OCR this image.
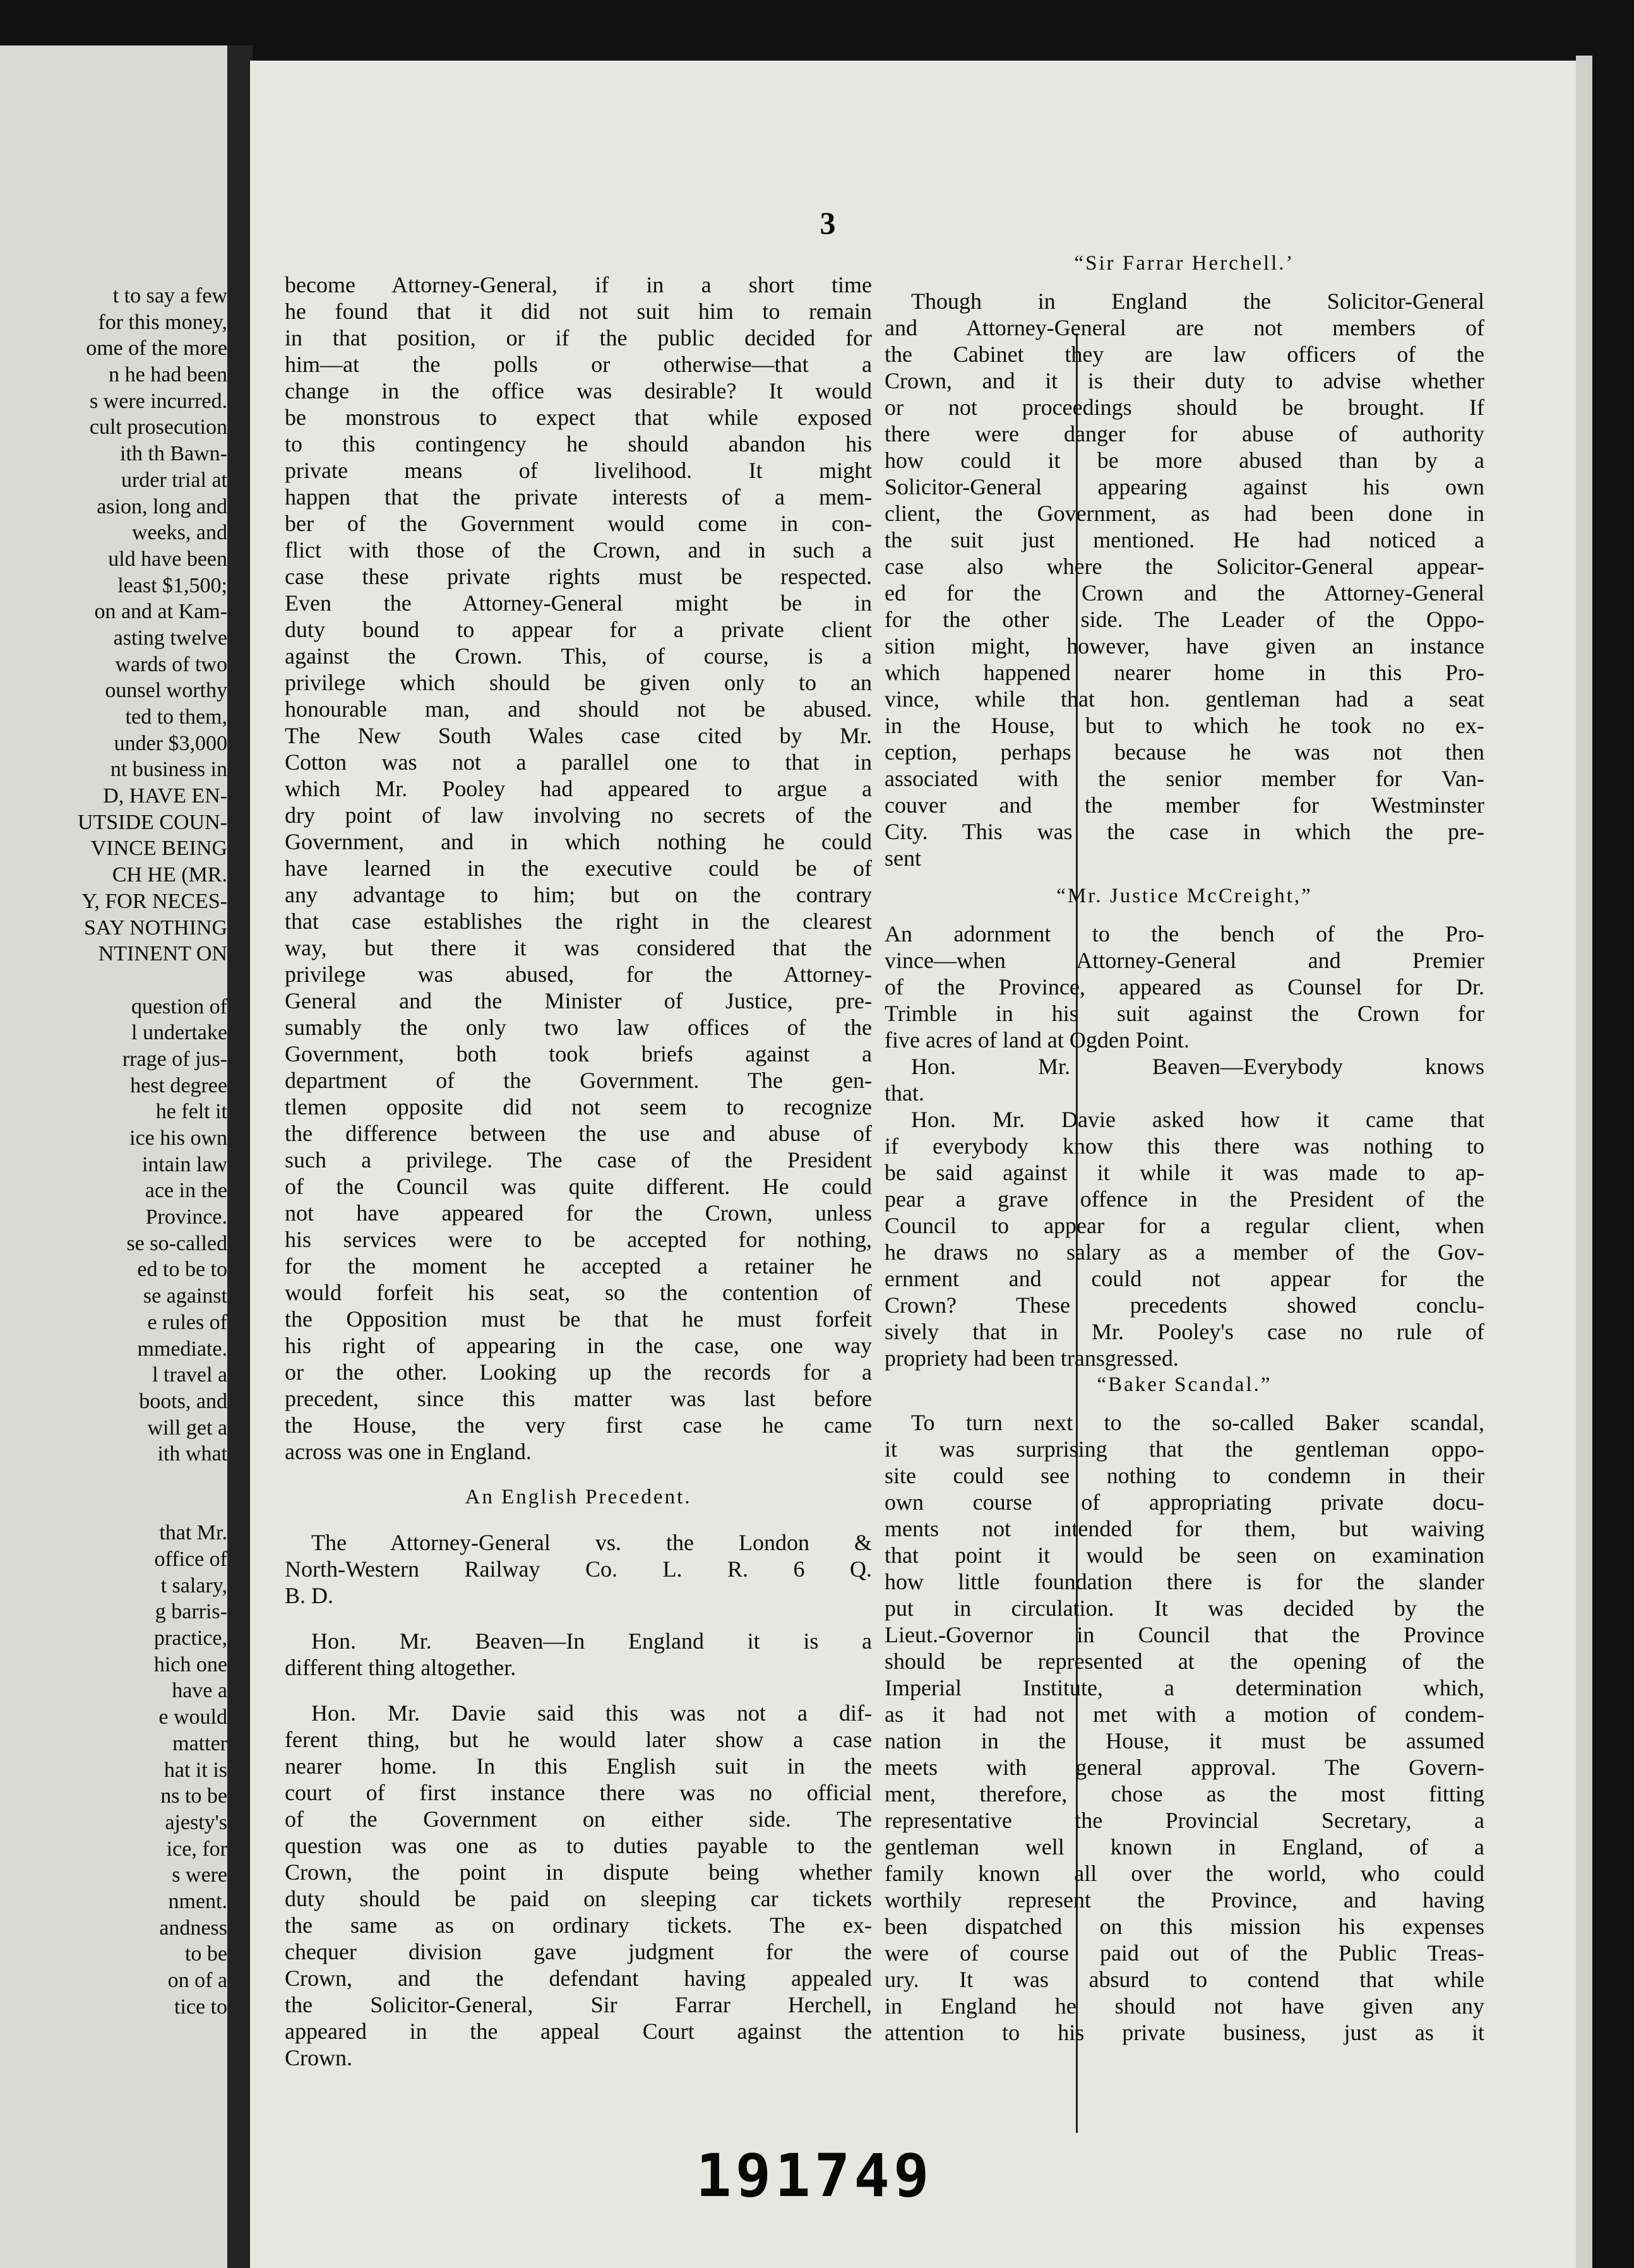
t to say a few
for this money,
ome of the more
n he had been
s were incurred.
cult prosecution
ith th Bawn-
urder trial at
asion, long and
weeks, and
uld have been
least $1,500;
on and at Kam-
asting twelve
wards of two
ounsel worthy
ted to them,
under $3,000
nt business in
D, HAVE EN-
UTSIDE COUN-
VINCE BEING
CH HE (MR.
Y, FOR NECES-
SAY NOTHING
NTINENT ON
question of
l undertake
rrage of jus-
hest degree
he felt it
ice his own
intain law
ace in the
Province.
se so-called
ed to be to
se against
e rules of
mmediate.
l travel a
boots, and
will get a
ith what
that Mr.
office of
t salary,
g barris-
practice,
hich one
have a
e would
matter
hat it is
ns to be
ajesty's
ice, for
s were
nment.
andness
to be
on of a
tice to
3
become Attorney-General, if in a short time
he found that it did not suit him to remain
in that position, or if the public decided for
him—at the polls or otherwise—that a
change in the office was desirable? It would
be monstrous to expect that while exposed
to this contingency he should abandon his
private means of livelihood. It might
happen that the private interests of a mem-
ber of the Government would come in con-
flict with those of the Crown, and in such a
case these private rights must be respected.
Even the Attorney-General might be in
duty bound to appear for a private client
against the Crown. This, of course, is a
privilege which should be given only to an
honourable man, and should not be abused.
The New South Wales case cited by Mr.
Cotton was not a parallel one to that in
which Mr. Pooley had appeared to argue a
dry point of law involving no secrets of the
Government, and in which nothing he could
have learned in the executive could be of
any advantage to him; but on the contrary
that case establishes the right in the clearest
way, but there it was considered that the
privilege was abused, for the Attorney-
General and the Minister of Justice, pre-
sumably the only two law offices of the
Government, both took briefs against a
department of the Government. The gen-
tlemen opposite did not seem to recognize
the difference between the use and abuse of
such a privilege. The case of the President
of the Council was quite different. He could
not have appeared for the Crown, unless
his services were to be accepted for nothing,
for the moment he accepted a retainer he
would forfeit his seat, so the contention of
the Opposition must be that he must forfeit
his right of appearing in the case, one way
or the other. Looking up the records for a
precedent, since this matter was last before
the House, the very first case he came
across was one in England.
An English Precedent.
The Attorney-General vs. the London &
North-Western Railway Co. L. R. 6 Q.
B. D.
Hon. Mr. Beaven—In England it is a
different thing altogether.
Hon. Mr. Davie said this was not a dif-
ferent thing, but he would later show a case
nearer home. In this English suit in the
court of first instance there was no official
of the Government on either side. The
question was one as to duties payable to the
Crown, the point in dispute being whether
duty should be paid on sleeping car tickets
the same as on ordinary tickets. The ex-
chequer division gave judgment for the
Crown, and the defendant having appealed
the Solicitor-General, Sir Farrar Herchell,
appeared in the appeal Court against the
Crown.
“Sir Farrar Herchell.’
Though in England the Solicitor-General
and Attorney-General are not members of
the Cabinet they are law officers of the
Crown, and it is their duty to advise whether
or not proceedings should be brought. If
there were danger for abuse of authority
how could it be more abused than by a
Solicitor-General appearing against his own
client, the Government, as had been done in
the suit just mentioned. He had noticed a
case also where the Solicitor-General appear-
ed for the Crown and the Attorney-General
for the other side. The Leader of the Oppo-
sition might, however, have given an instance
which happened nearer home in this Pro-
vince, while that hon. gentleman had a seat
in the House, but to which he took no ex-
ception, perhaps because he was not then
associated with the senior member for Van-
couver and the member for Westminster
City. This was the case in which the pre-
sent
“Mr. Justice McCreight,”
An adornment to the bench of the Pro-
vince—when Attorney-General and Premier
of the Province, appeared as Counsel for Dr.
Trimble in his suit against the Crown for
five acres of land at Ogden Point.
Hon. Mr. Beaven—Everybody knows
that.
Hon. Mr. Davie asked how it came that
if everybody know this there was nothing to
be said against it while it was made to ap-
pear a grave offence in the President of the
Council to appear for a regular client, when
he draws no salary as a member of the Gov-
ernment and could not appear for the
Crown? These precedents showed conclu-
sively that in Mr. Pooley's case no rule of
propriety had been transgressed.
“Baker Scandal.”
To turn next to the so-called Baker scandal,
it was surprising that the gentleman oppo-
site could see nothing to condemn in their
own course of appropriating private docu-
ments not intended for them, but waiving
that point it would be seen on examination
how little foundation there is for the slander
put in circulation. It was decided by the
Lieut.-Governor in Council that the Province
should be represented at the opening of the
Imperial Institute, a determination which,
as it had not met with a motion of condem-
nation in the House, it must be assumed
meets with general approval. The Govern-
ment, therefore, chose as the most fitting
representative the Provincial Secretary, a
gentleman well known in England, of a
family known all over the world, who could
worthily represent the Province, and having
been dispatched on this mission his expenses
were of course paid out of the Public Treas-
ury. It was absurd to contend that while
in England he should not have given any
attention to his private business, just as it
191749
